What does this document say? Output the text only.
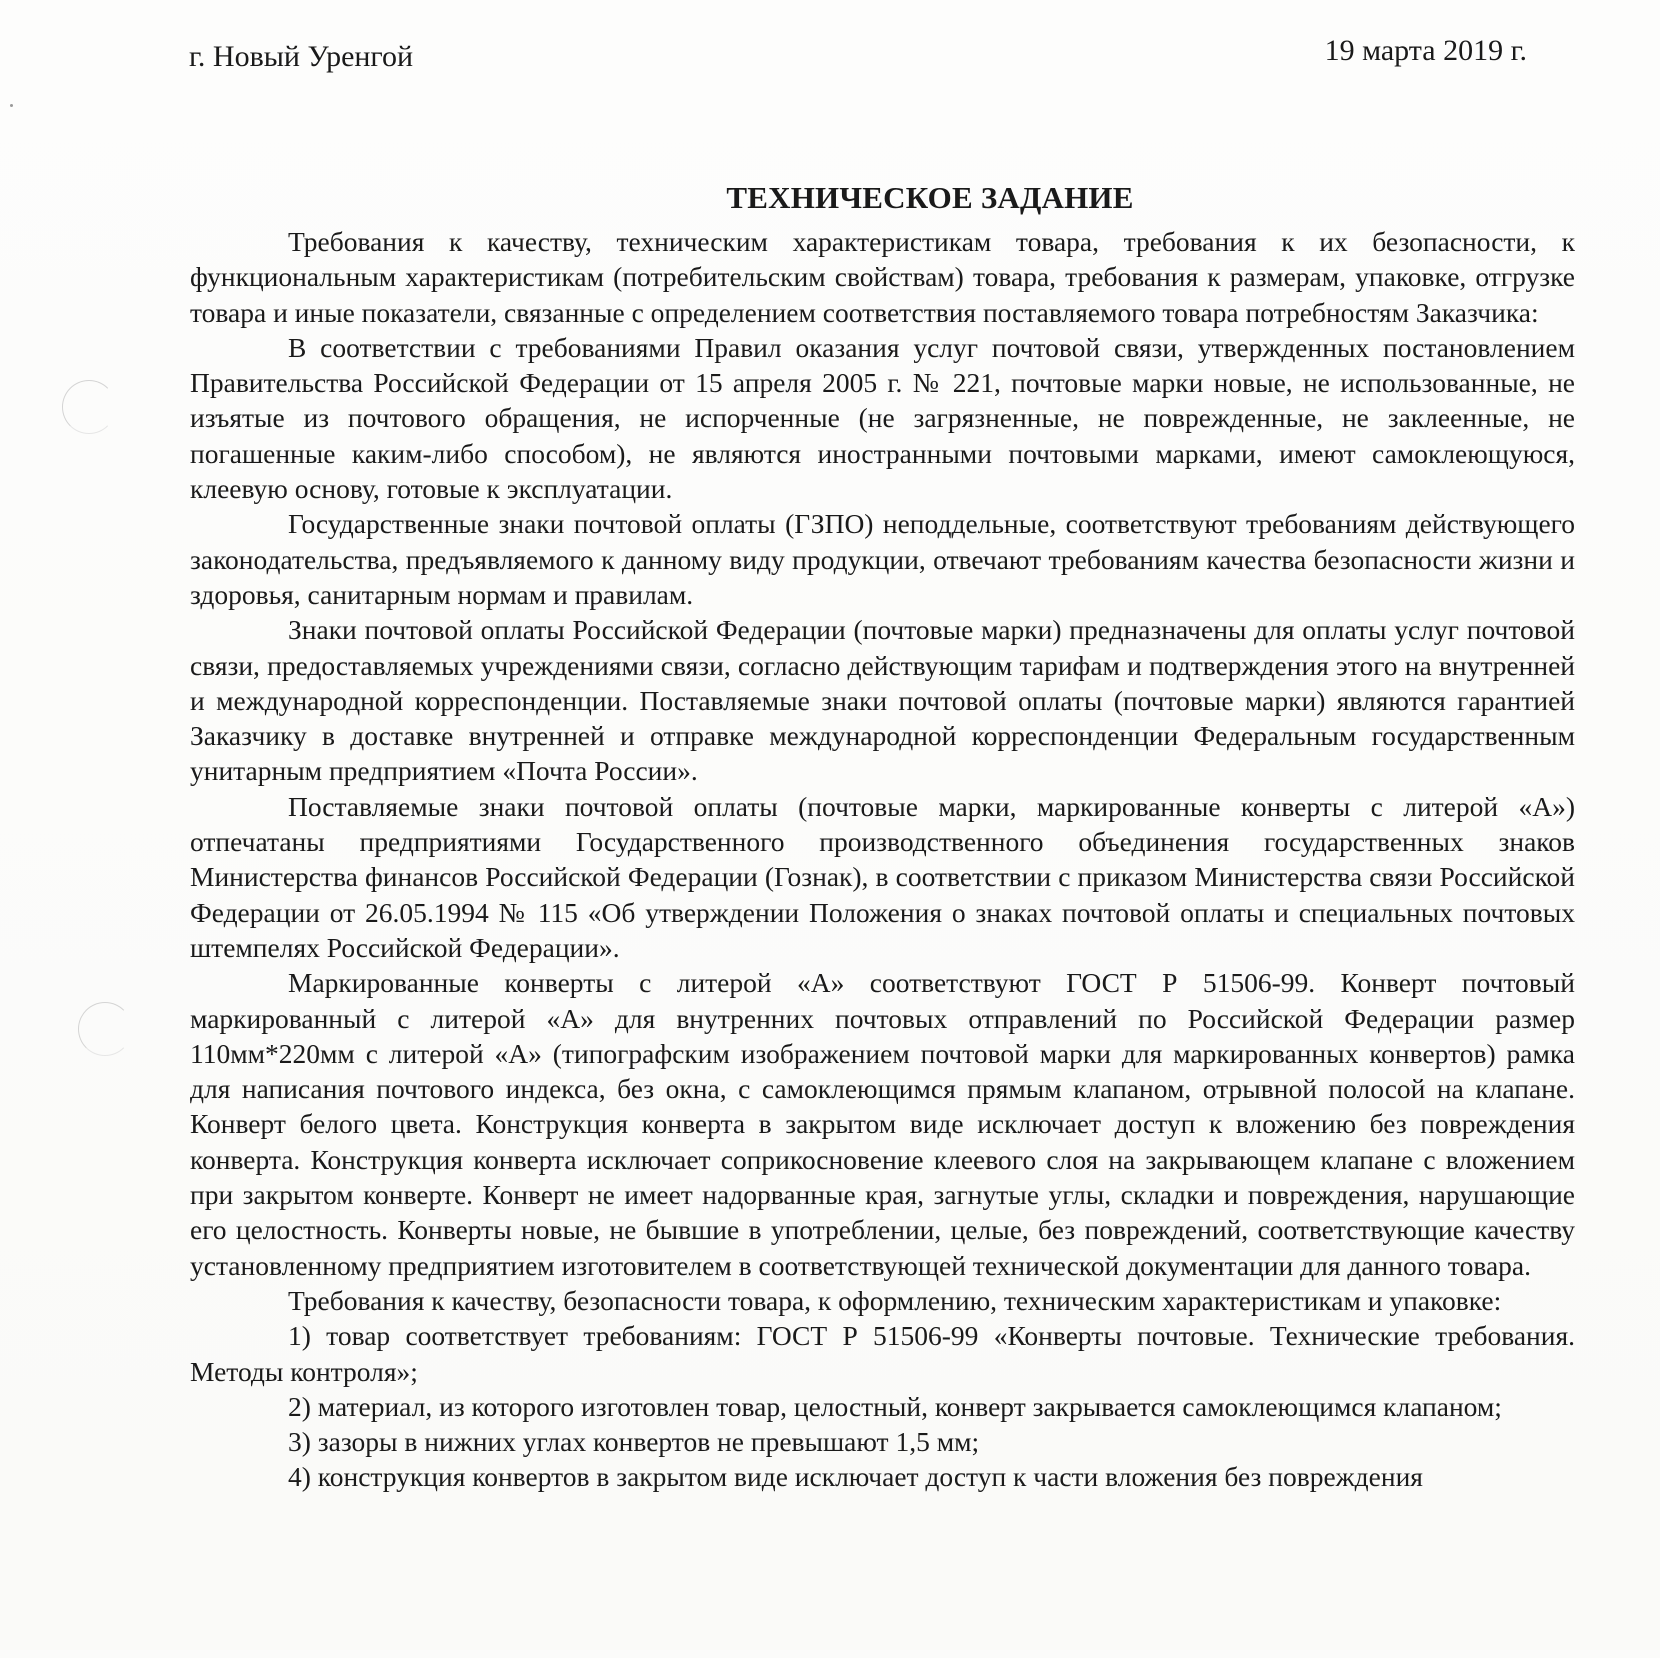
г. Новый Уренгой	19 марта 2019 г.
ТЕХНИЧЕСКОЕ ЗАДАНИЕ

Требования к качеству, техническим характеристикам товара, требования к их безопасности, к функциональным характеристикам (потребительским свойствам) товара, требования к размерам, упаковке, отгрузке товара и иные показатели, связанные с определением соответствия поставляемого товара потребностям Заказчика:

В соответствии с требованиями Правил оказания услуг почтовой связи, утвержденных постановлением Правительства Российской Федерации от 15 апреля 2005 г. № 221, почтовые марки новые, не использованные, не изъятые из почтового обращения, не испорченные (не загрязненные, не поврежденные, не заклеенные, не погашенные каким-либо способом), не являются иностранными почтовыми марками, имеют самоклеющуюся, клеевую основу, готовые к эксплуатации.

Государственные знаки почтовой оплаты (ГЗПО) неподдельные, соответствуют требованиям действующего законодательства, предъявляемого к данному виду продукции, отвечают требованиям качества безопасности жизни и здоровья, санитарным нормам и правилам.

Знаки почтовой оплаты Российской Федерации (почтовые марки) предназначены для оплаты услуг почтовой связи, предоставляемых учреждениями связи, согласно действующим тарифам и подтверждения этого на внутренней и международной корреспонденции. Поставляемые знаки почтовой оплаты (почтовые марки) являются гарантией Заказчику в доставке внутренней и отправке международной корреспонденции Федеральным государственным унитарным предприятием «Почта России».

Поставляемые знаки почтовой оплаты (почтовые марки, маркированные конверты с литерой «А») отпечатаны предприятиями Государственного производственного объединения государственных знаков Министерства финансов Российской Федерации (Гознак), в соответствии с приказом Министерства связи Российской Федерации от 26.05.1994 № 115 «Об утверждении Положения о знаках почтовой оплаты и специальных почтовых штемпелях Российской Федерации».

Маркированные конверты с литерой «А» соответствуют ГОСТ Р 51506-99. Конверт почтовый маркированный с литерой «А» для внутренних почтовых отправлений по Российской Федерации размер 110мм*220мм с литерой «А» (типографским изображением почтовой марки для маркированных конвертов) рамка для написания почтового индекса, без окна, с самоклеющимся прямым клапаном, отрывной полосой на клапане. Конверт белого цвета. Конструкция конверта в закрытом виде исключает доступ к вложению без повреждения конверта. Конструкция конверта исключает соприкосновение клеевого слоя на закрывающем клапане с вложением при закрытом конверте. Конверт не имеет надорванные края, загнутые углы, складки и повреждения, нарушающие его целостность. Конверты новые, не бывшие в употреблении, целые, без повреждений, соответствующие качеству установленному предприятием изготовителем в соответствующей технической документации для данного товара.

Требования к качеству, безопасности товара, к оформлению, техническим характеристикам и упаковке:

1) товар соответствует требованиям: ГОСТ Р 51506-99 «Конверты почтовые. Технические требования. Методы контроля»;

2) материал, из которого изготовлен товар, целостный, конверт закрывается самоклеющимся клапаном;

3) зазоры в нижних углах конвертов не превышают 1,5 мм;

4) конструкция конвертов в закрытом виде исключает доступ к части вложения без повреждения
